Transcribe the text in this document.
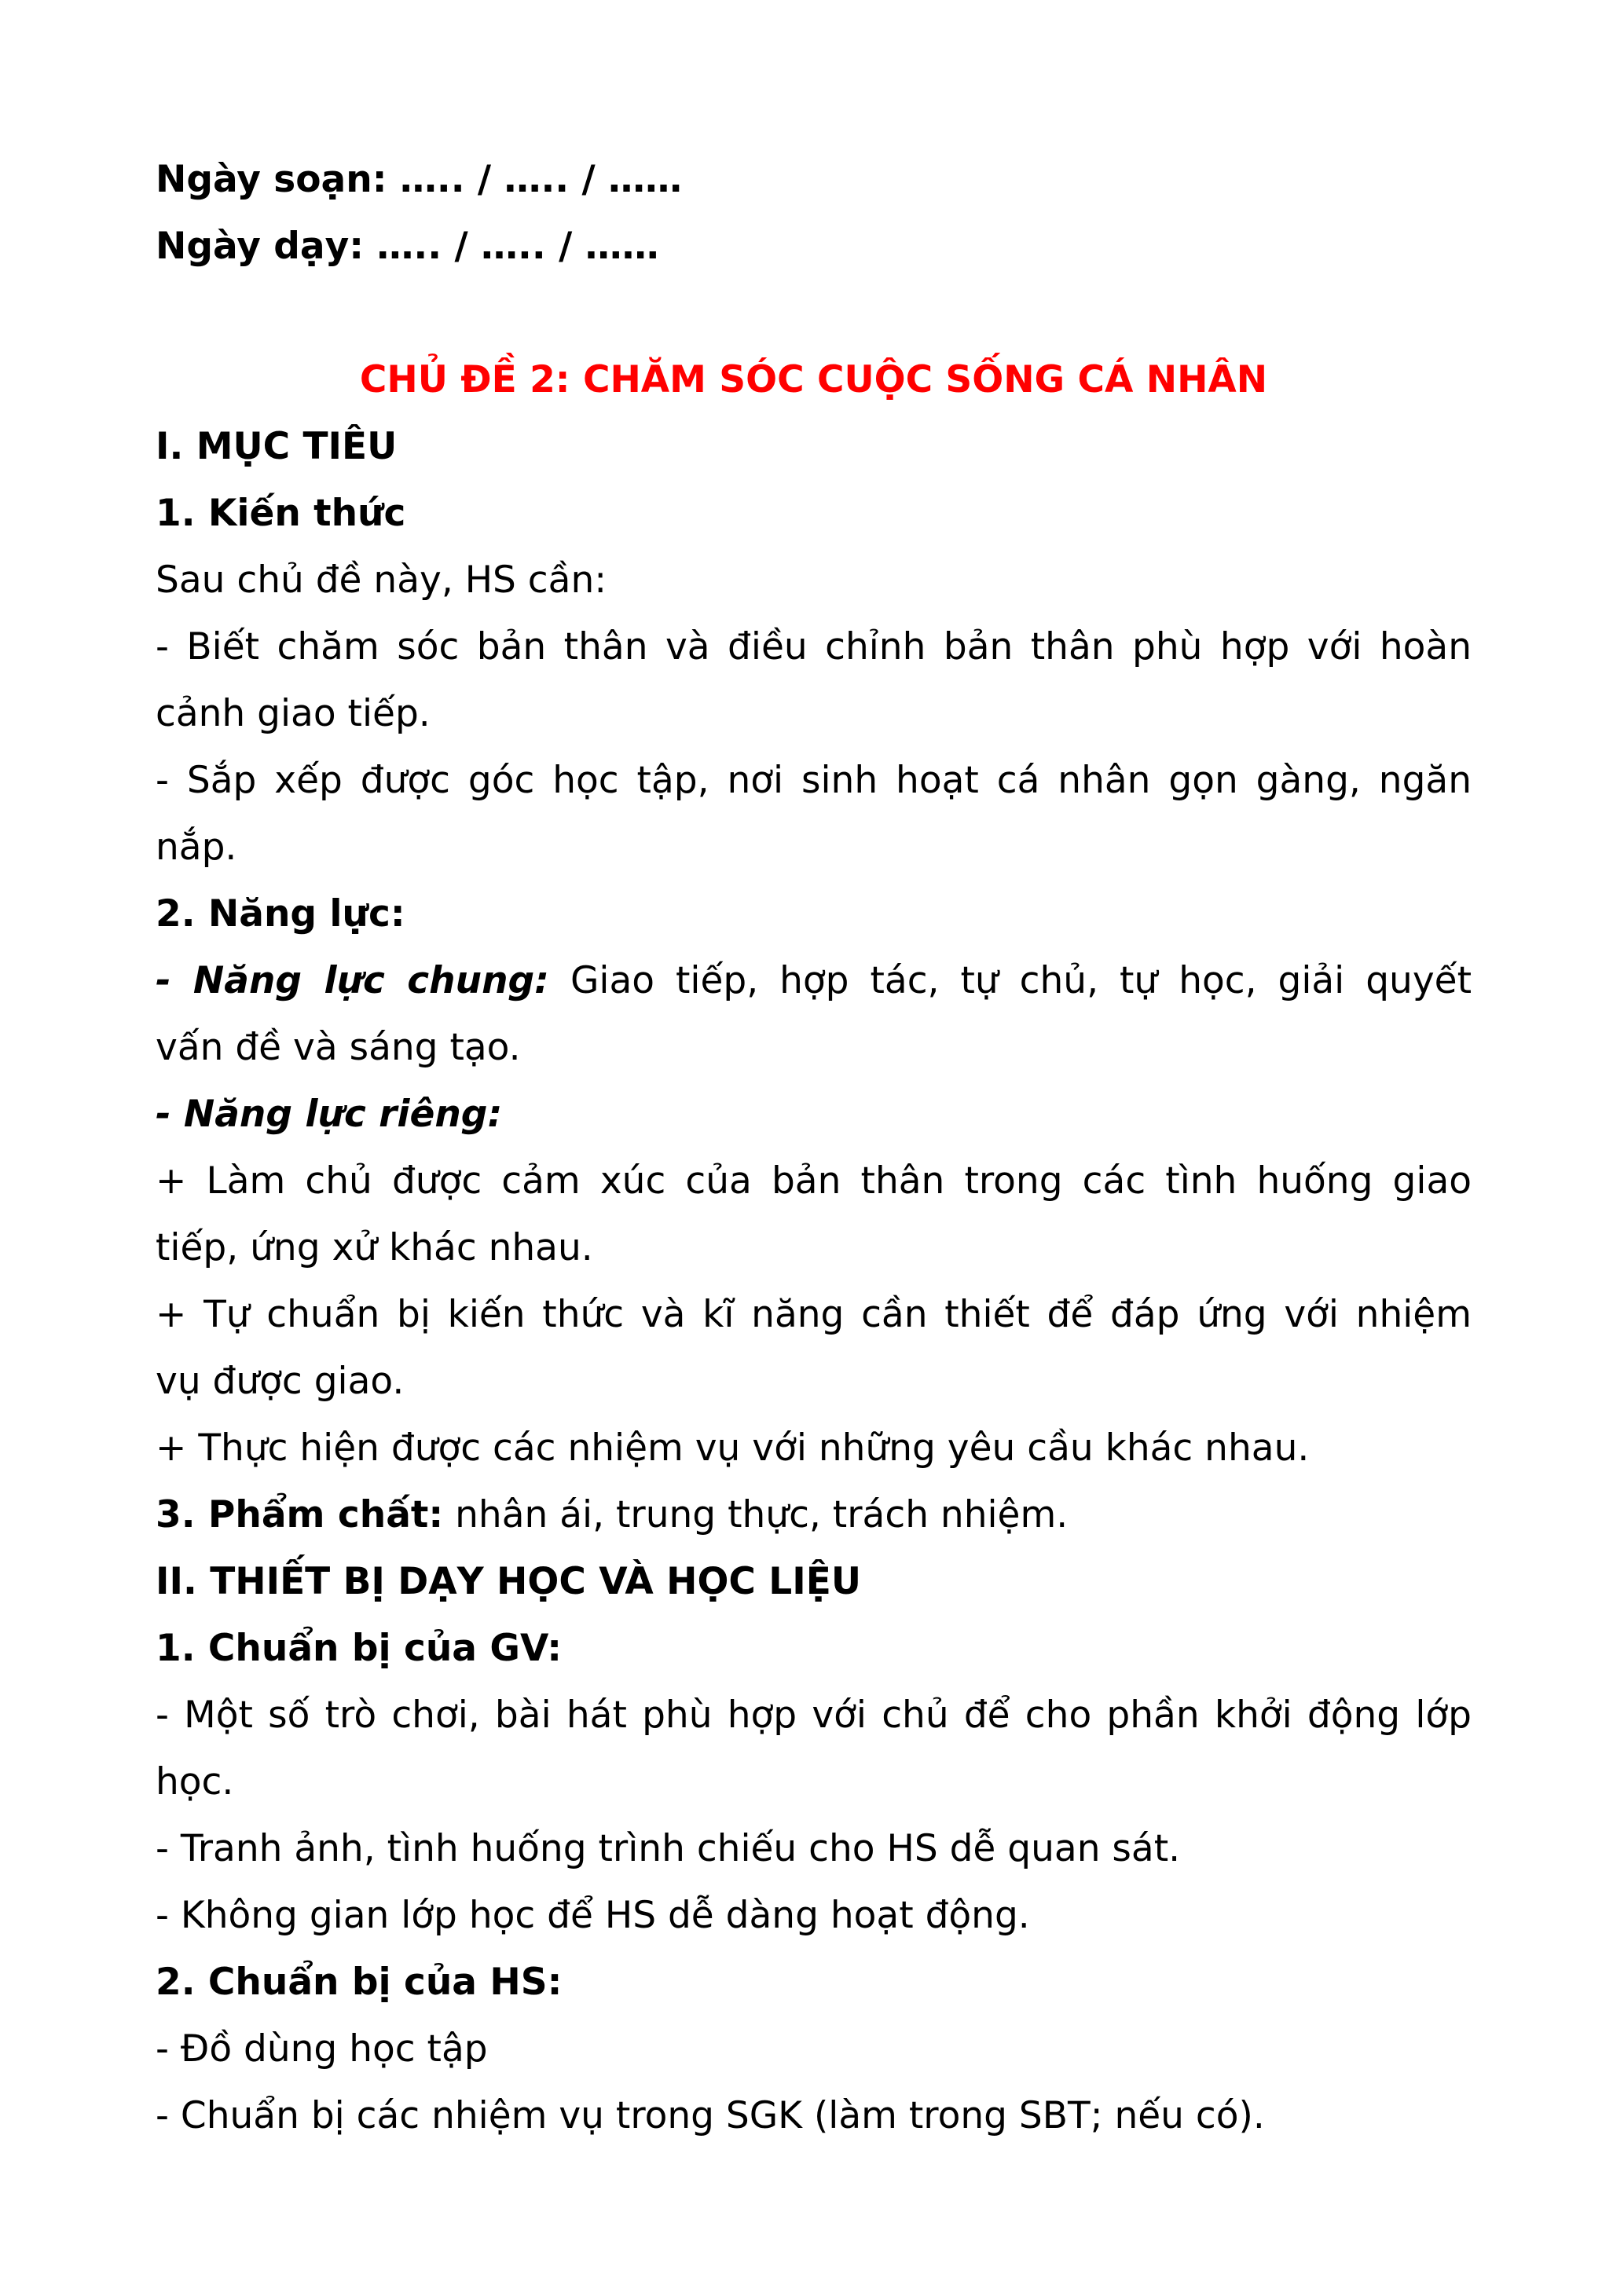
Ngày soạn: ….. / ….. / ……
Ngày dạy: ….. / ….. / ……
CHỦ ĐỀ 2: CHĂM SÓC CUỘC SỐNG CÁ NHÂN
I. MỤC TIÊU
1. Kiến thức
Sau chủ đề này, HS cần:
- Biết chăm sóc bản thân và điều chỉnh bản thân phù hợp với hoàn
cảnh giao tiếp.
- Sắp xếp được góc học tập, nơi sinh hoạt cá nhân gọn gàng, ngăn
nắp.
2. Năng lực:
- Năng lực chung: Giao tiếp, hợp tác, tự chủ, tự học, giải quyết
vấn đề và sáng tạo.
- Năng lực riêng:
+ Làm chủ được cảm xúc của bản thân trong các tình huống giao
tiếp, ứng xử khác nhau.
+ Tự chuẩn bị kiến thức và kĩ năng cần thiết để đáp ứng với nhiệm
vụ được giao.
+ Thực hiện được các nhiệm vụ với những yêu cầu khác nhau.
3. Phẩm chất: nhân ái, trung thực, trách nhiệm.
II. THIẾT BỊ DẠY HỌC VÀ HỌC LIỆU
1. Chuẩn bị của GV:
- Một số trò chơi, bài hát phù hợp với chủ để cho phần khởi động lớp
học.
- Tranh ảnh, tình huống trình chiếu cho HS dễ quan sát.
- Không gian lớp học để HS dễ dàng hoạt động.
2. Chuẩn bị của HS:
- Đồ dùng học tập
- Chuẩn bị các nhiệm vụ trong SGK (làm trong SBT; nếu có).
